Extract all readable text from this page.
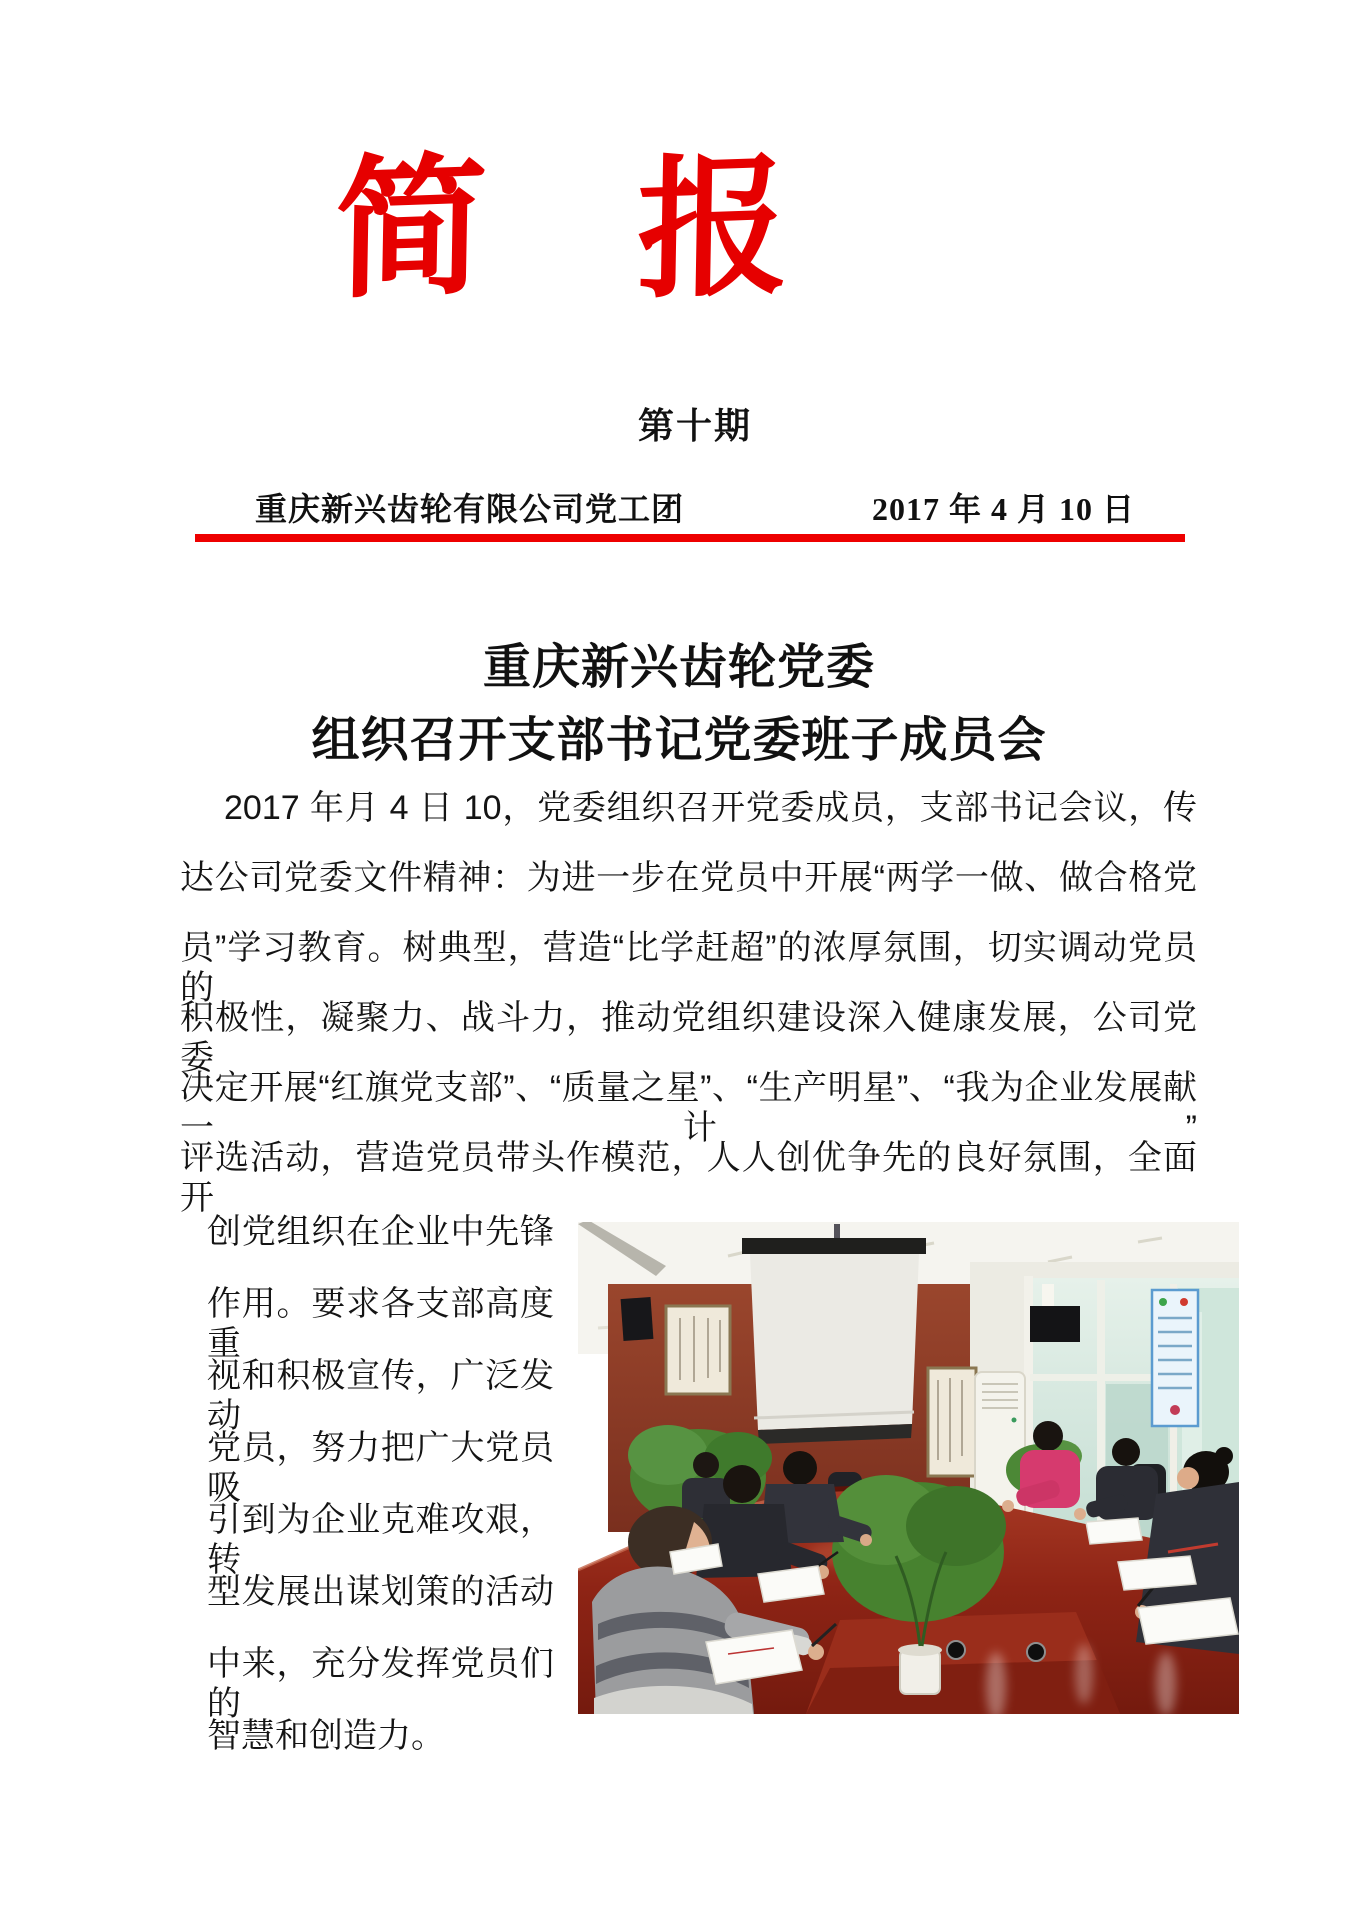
简 报
第十期
重庆新兴齿轮有限公司党工团	2017 年 4 月 10 日
重庆新兴齿轮党委
组织召开支部书记党委班子成员会
2017 年月 4 日 10，党委组织召开党委成员，支部书记会议，传
达公司党委文件精神：为进一步在党员中开展“两学一做、做合格党
员”学习教育。树典型，营造“比学赶超”的浓厚氛围，切实调动党员的
积极性，凝聚力、战斗力，推动党组织建设深入健康发展，公司党委
决定开展“红旗党支部”、“质量之星”、“生产明星”、“我为企业发展献一计”
评选活动，营造党员带头作模范，人人创优争先的良好氛围，全面开
创党组织在企业中先锋
作用。要求各支部高度重
视和积极宣传，广泛发动
党员，努力把广大党员吸
引到为企业克难攻艰，转
型发展出谋划策的活动
中来，充分发挥党员们的
智慧和创造力。
